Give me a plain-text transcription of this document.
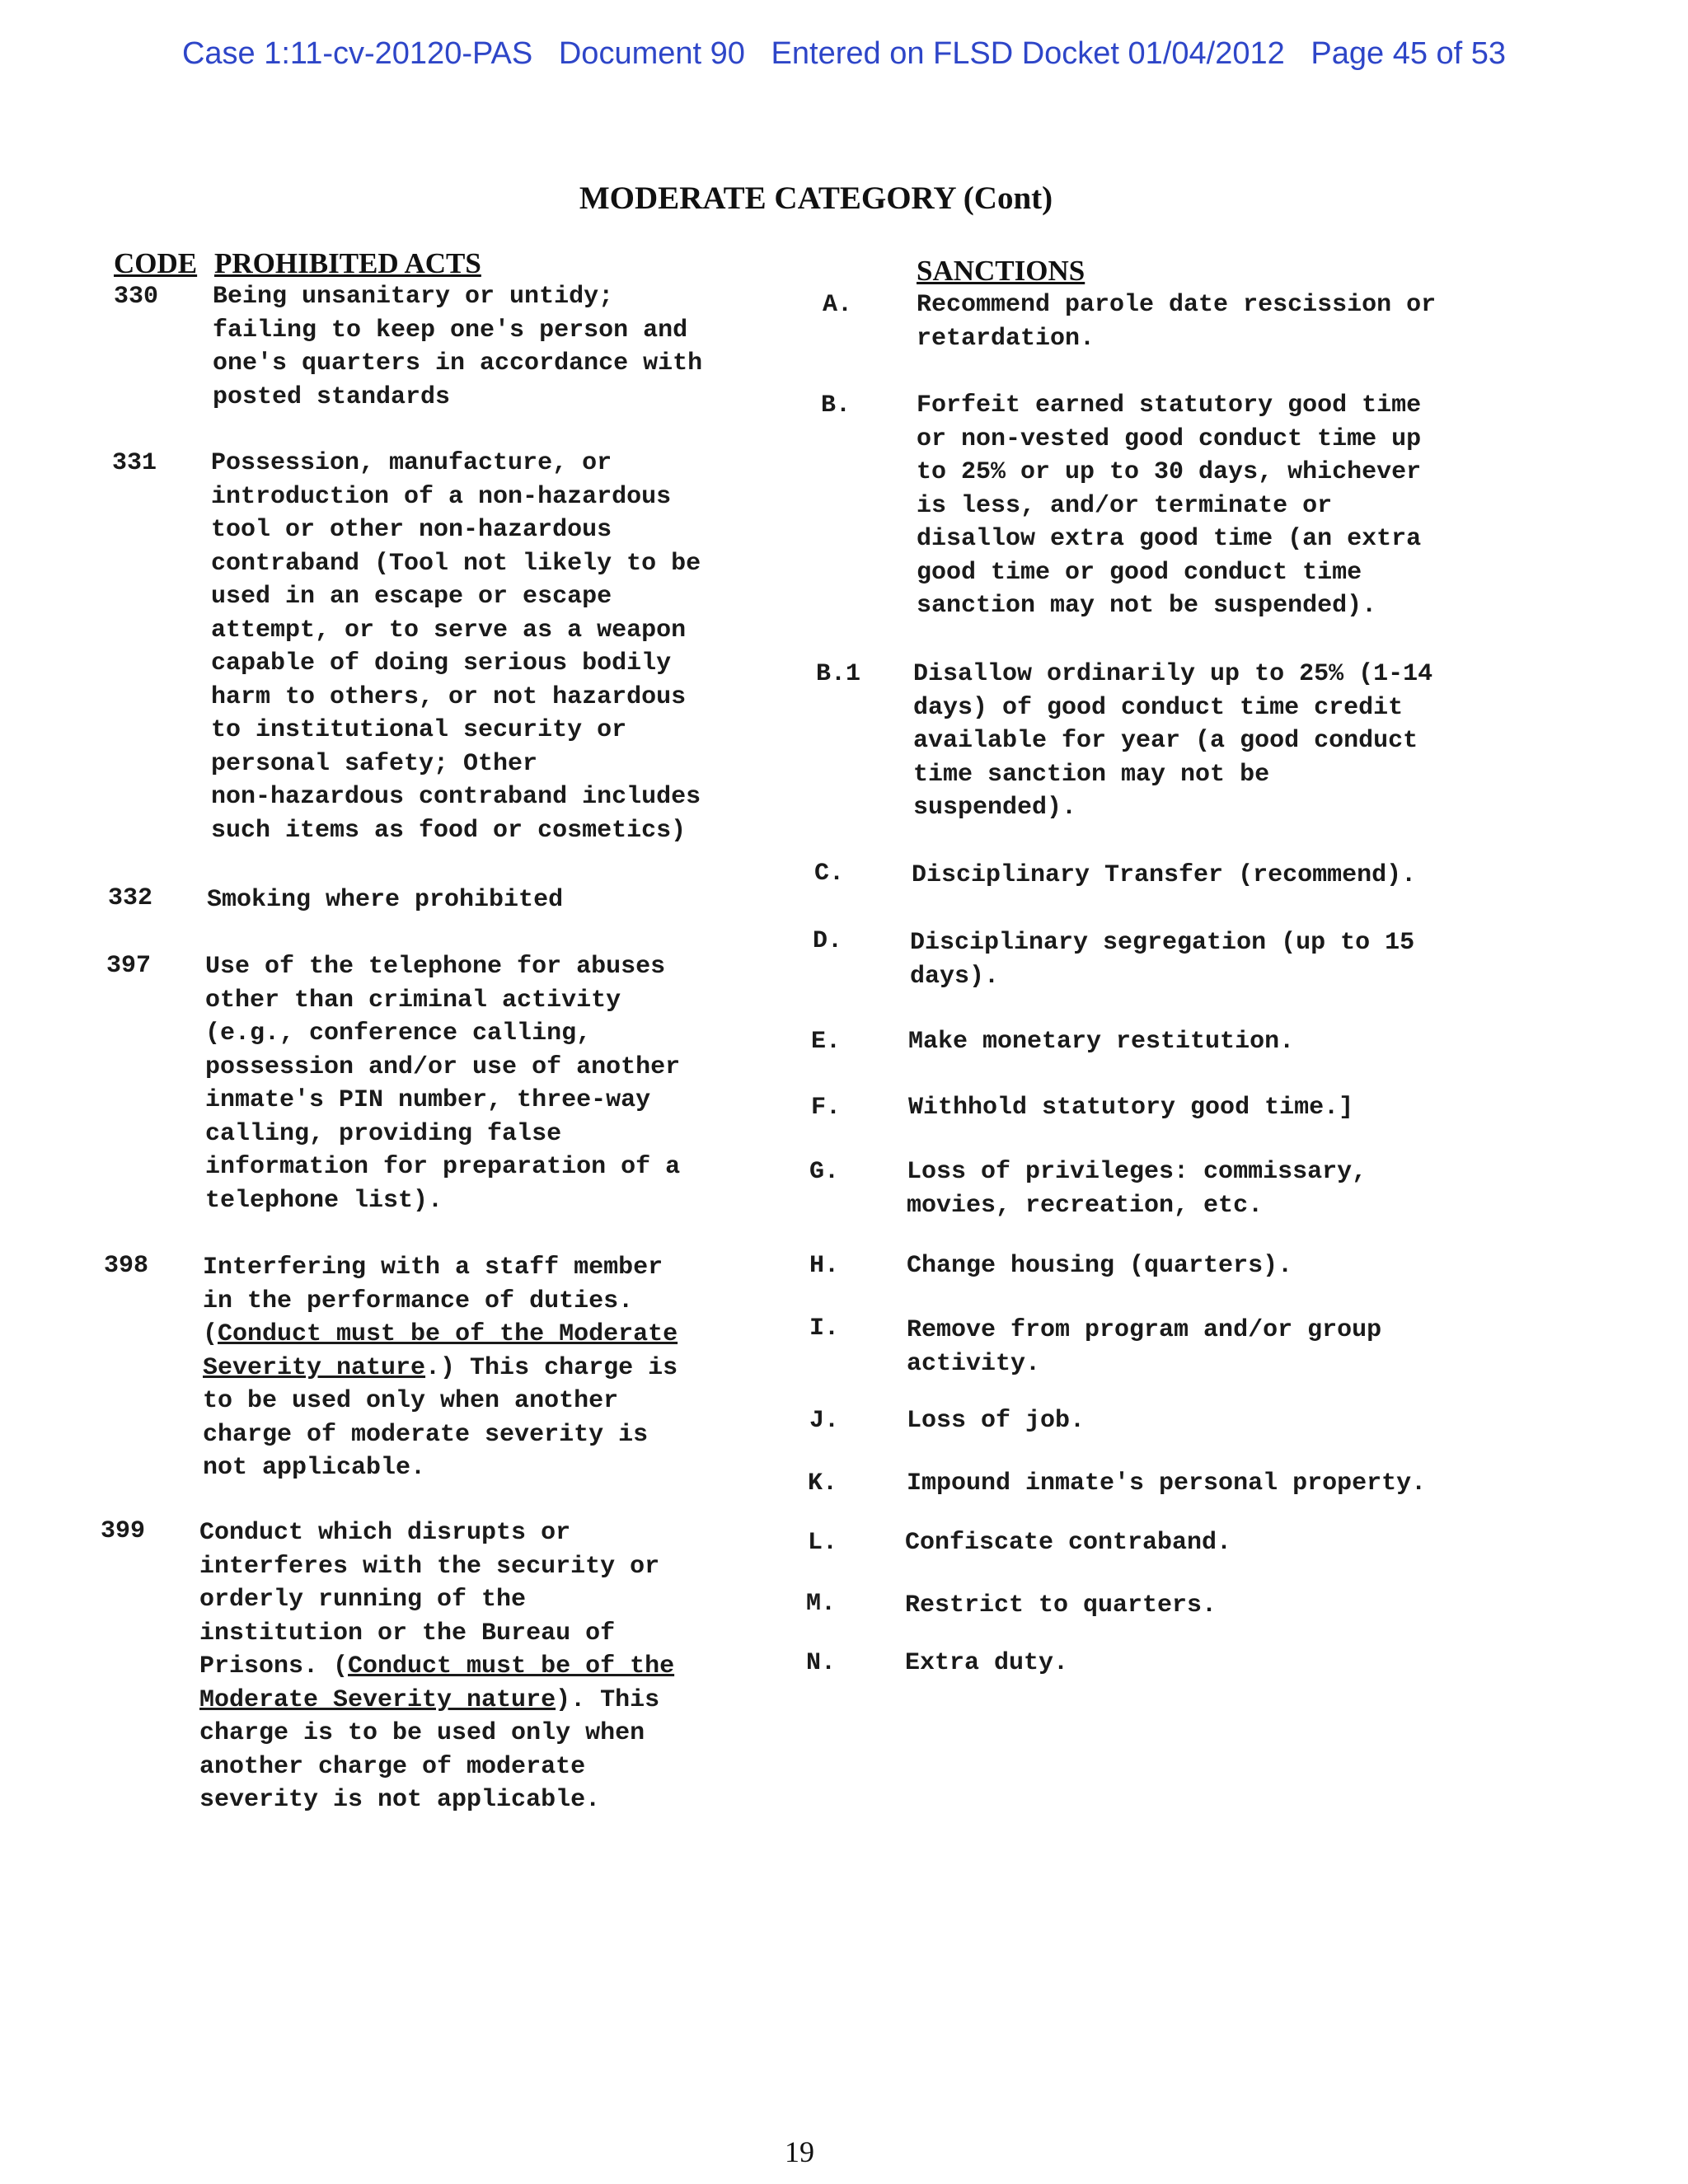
Case 1:11-cv-20120-PAS   Document 90   Entered on FLSD Docket 01/04/2012   Page 45 of 53
MODERATE CATEGORY (Cont)
CODE PROHIBITED ACTS	SANCTIONS
330 Being unsanitary or untidy;
failing to keep one's person and
one's quarters in accordance with
posted standards
331 Possession, manufacture, or
introduction of a non-hazardous
tool or other non-hazardous
contraband (Tool not likely to be
used in an escape or escape
attempt, or to serve as a weapon
capable of doing serious bodily
harm to others, or not hazardous
to institutional security or
personal safety; Other
non-hazardous contraband includes
such items as food or cosmetics)
332 Smoking where prohibited
397 Use of the telephone for abuses
other than criminal activity
(e.g., conference calling,
possession and/or use of another
inmate's PIN number, three-way
calling, providing false
information for preparation of a
telephone list).
398 Interfering with a staff member
in the performance of duties.
(Conduct must be of the Moderate
Severity nature.) This charge is
to be used only when another
charge of moderate severity is
not applicable.
399 Conduct which disrupts or
interferes with the security or
orderly running of the
institution or the Bureau of
Prisons. (Conduct must be of the
Moderate Severity nature). This
charge is to be used only when
another charge of moderate
severity is not applicable.
A.	Recommend parole date rescission or
retardation.
B.	Forfeit earned statutory good time
or non-vested good conduct time up
to 25% or up to 30 days, whichever
is less, and/or terminate or
disallow extra good time (an extra
good time or good conduct time
sanction may not be suspended).
B.1 Disallow ordinarily up to 25% (1-14
days) of good conduct time credit
available for year (a good conduct
time sanction may not be
suspended).
C.	Disciplinary Transfer (recommend).
D.	Disciplinary segregation (up to 15
days).
E.	Make monetary restitution.
F.	Withhold statutory good time.]
G.	Loss of privileges: commissary,
movies, recreation, etc.
H.	Change housing (quarters).
I.	Remove from program and/or group
activity.
J.	Loss of job.
K.	Impound inmate's personal property.
L.	Confiscate contraband.
M.	Restrict to quarters.
N.	Extra duty.
19
